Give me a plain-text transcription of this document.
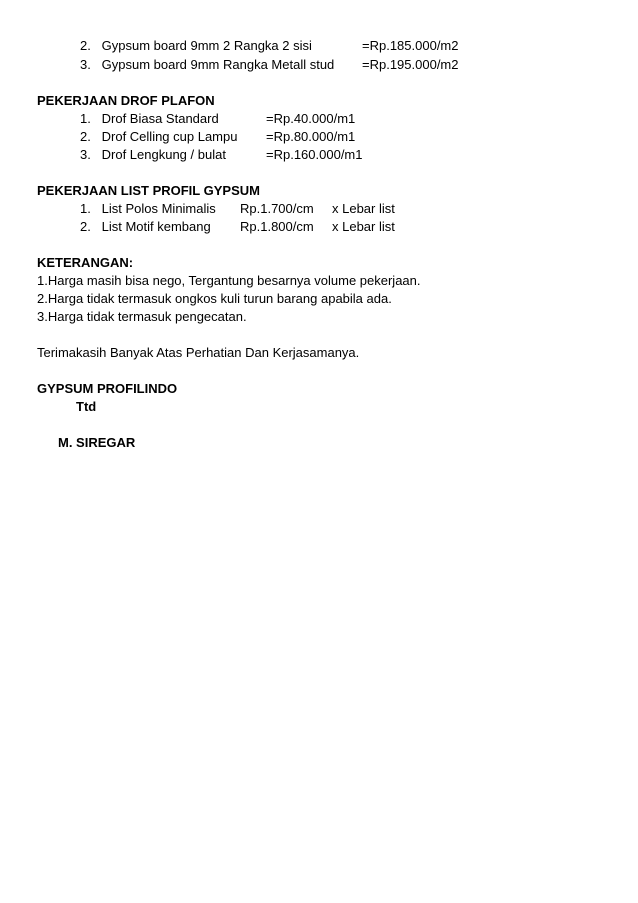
2. Gypsum board 9mm 2 Rangka 2 sisi	=Rp.185.000/m2
3. Gypsum board 9mm Rangka Metall stud =Rp.195.000/m2
PEKERJAAN DROF PLAFON
1. Drof Biasa Standard	=Rp.40.000/m1
2. Drof Celling cup Lampu =Rp.80.000/m1
3. Drof Lengkung / bulat	=Rp.160.000/m1
PEKERJAAN LIST PROFIL GYPSUM
1. List Polos Minimalis Rp.1.700/cm x Lebar list
2. List Motif kembang Rp.1.800/cm x Lebar list
KETERANGAN:
1.Harga masih bisa nego, Tergantung besarnya volume pekerjaan.
2.Harga tidak termasuk ongkos kuli turun barang apabila ada.
3.Harga tidak termasuk pengecatan.
Terimakasih Banyak Atas Perhatian Dan Kerjasamanya.
GYPSUM PROFILINDO
Ttd
M. SIREGAR
